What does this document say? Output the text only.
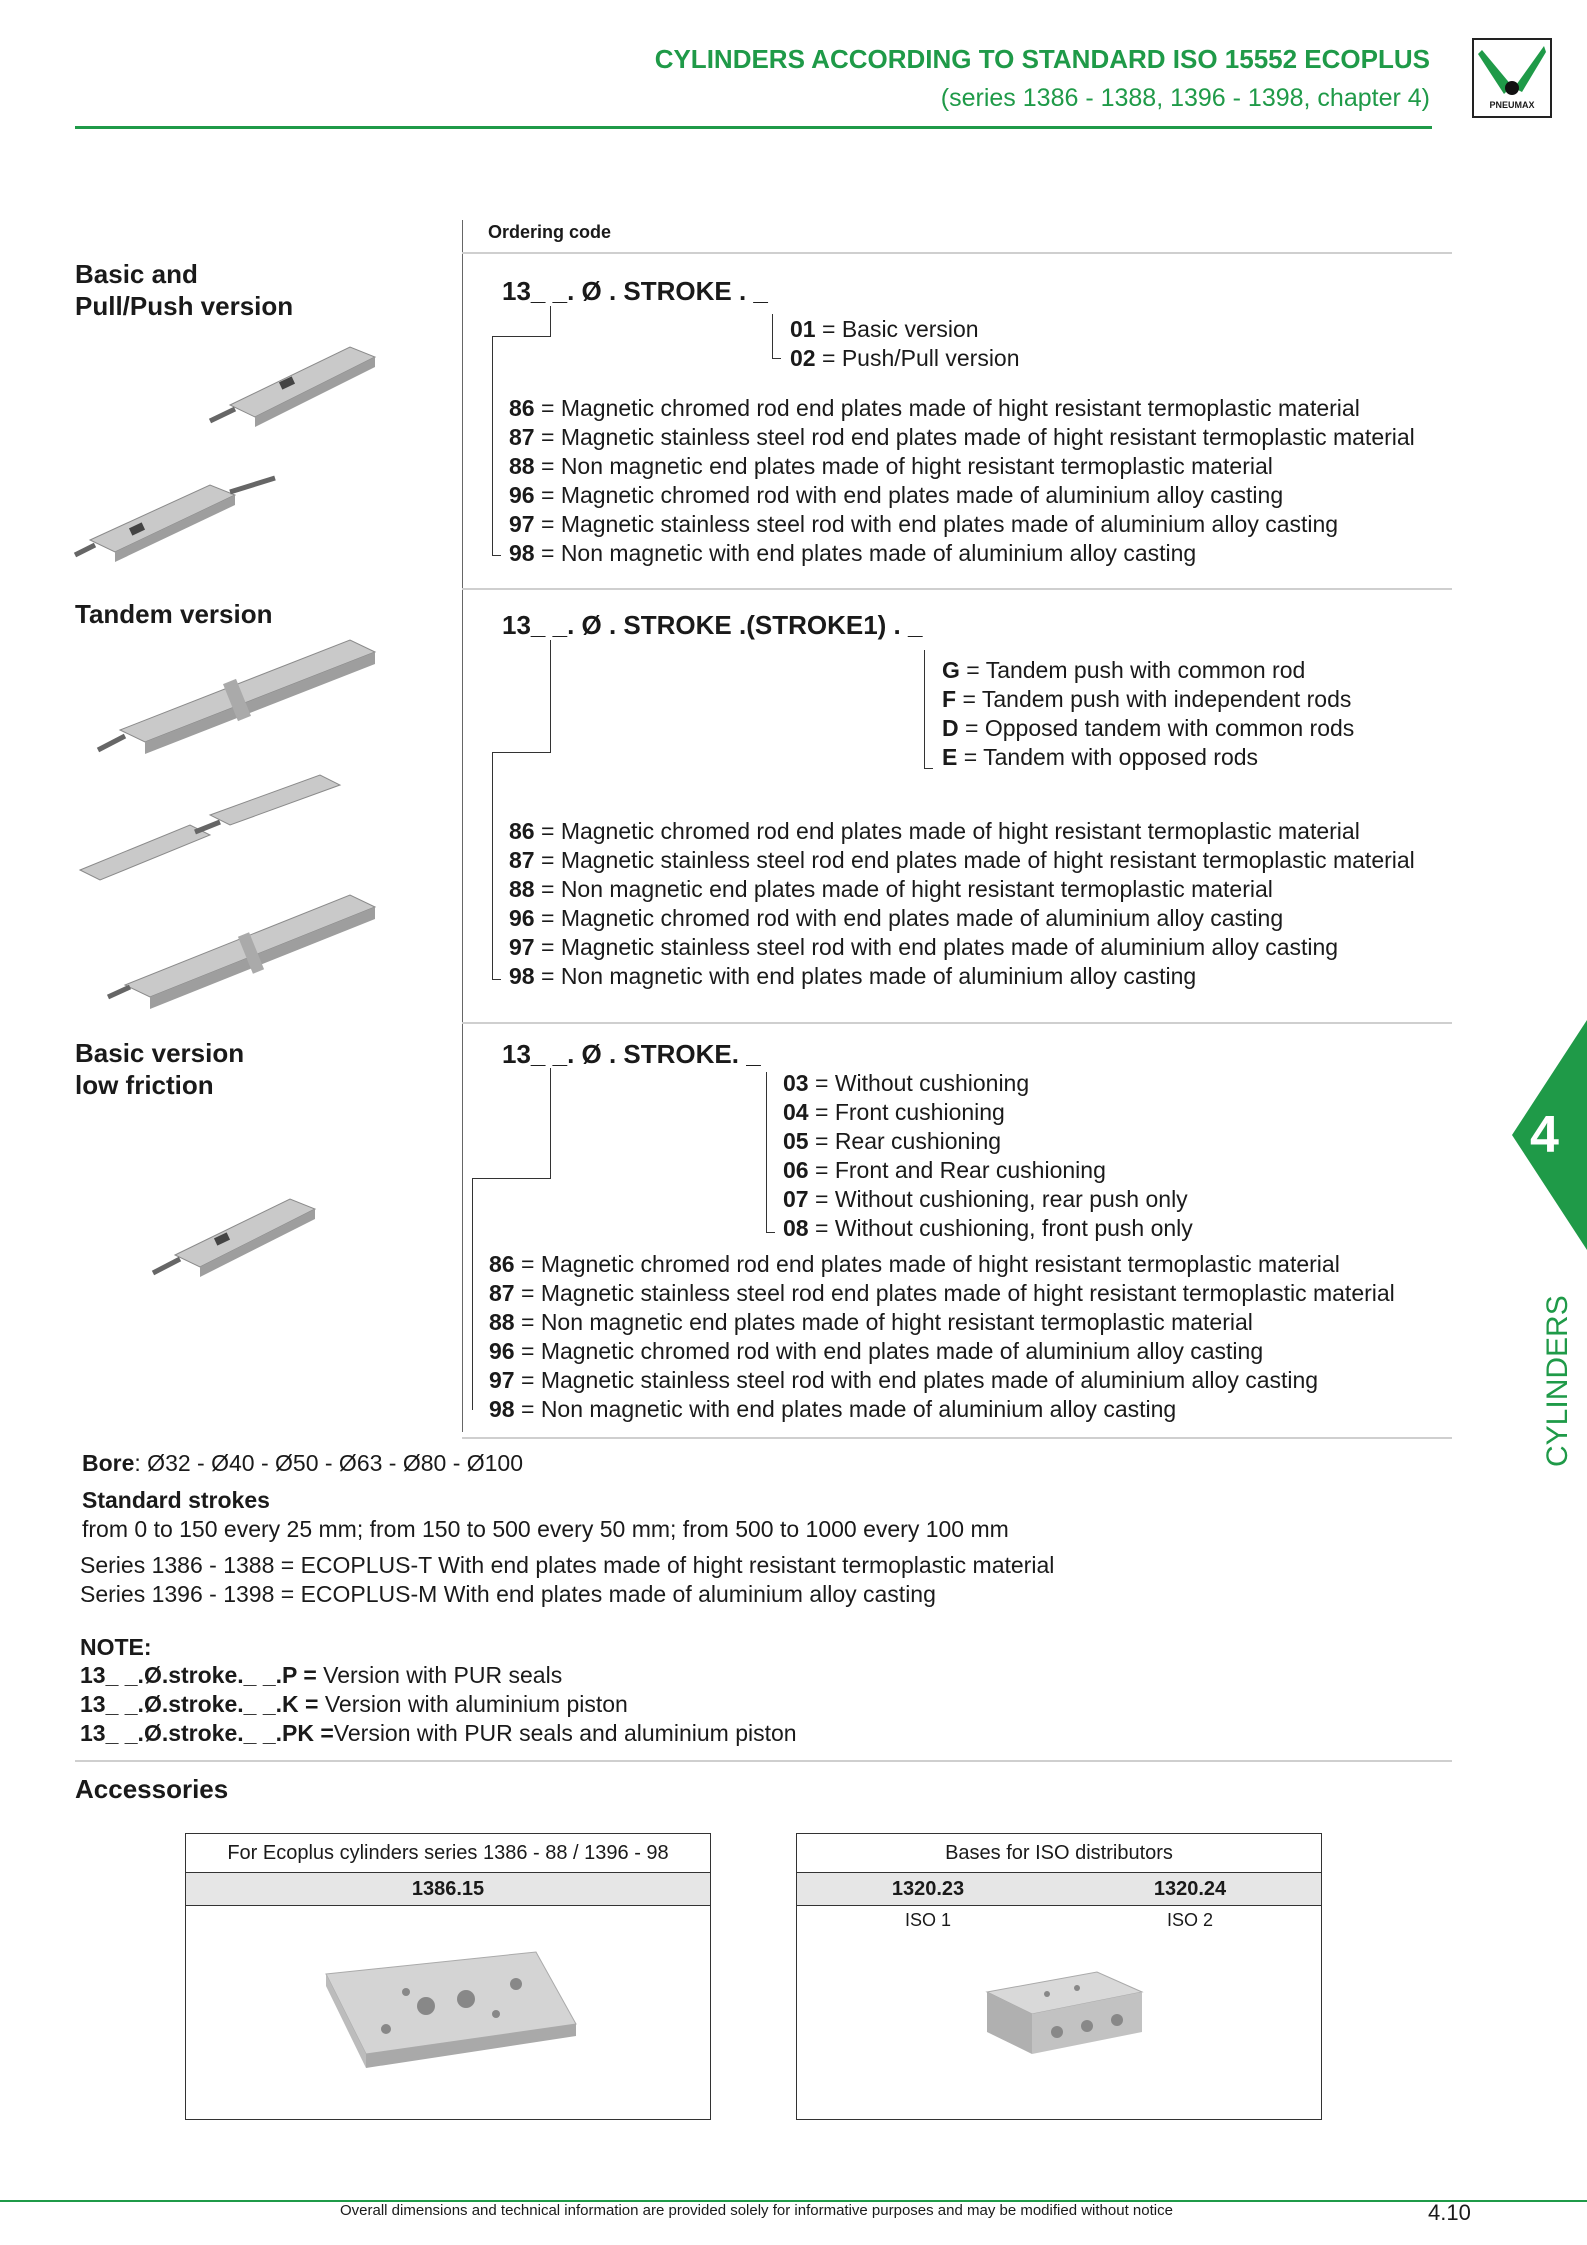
CYLINDERS ACCORDING TO STANDARD ISO 15552 ECOPLUS
(series 1386 - 1388, 1396 - 1398, chapter 4)	PNEUMAX
Ordering code
Basic and
Pull/Push version	13_ _. Ø . STROKE . _
01 = Basic version
02 = Push/Pull version
86 = Magnetic chromed rod end plates made of hight resistant termoplastic material
87 = Magnetic stainless steel rod end plates made of hight resistant termoplastic material
88 = Non magnetic end plates made of hight resistant termoplastic material
96 = Magnetic chromed rod with end plates made of aluminium alloy casting
97 = Magnetic stainless steel rod with end plates made of aluminium alloy casting
98 = Non magnetic with end plates made of aluminium alloy casting
Tandem version	13_ _. Ø . STROKE .(STROKE1) . _
G = Tandem push with common rod
F = Tandem push with independent rods
D = Opposed tandem with common rods
E = Tandem with opposed rods
86 = Magnetic chromed rod end plates made of hight resistant termoplastic material
87 = Magnetic stainless steel rod end plates made of hight resistant termoplastic material
88 = Non magnetic end plates made of hight resistant termoplastic material
96 = Magnetic chromed rod with end plates made of aluminium alloy casting
97 = Magnetic stainless steel rod with end plates made of aluminium alloy casting
98 = Non magnetic with end plates made of aluminium alloy casting
Basic version
low friction
13_ _. Ø . STROKE. _
03 = Without cushioning
04 = Front cushioning
05 = Rear cushioning
06 = Front and Rear cushioning
07 = Without cushioning, rear push only
08 = Without cushioning, front push only
86 = Magnetic chromed rod end plates made of hight resistant termoplastic material
87 = Magnetic stainless steel rod end plates made of hight resistant termoplastic material
88 = Non magnetic end plates made of hight resistant termoplastic material
96 = Magnetic chromed rod with end plates made of aluminium alloy casting
97 = Magnetic stainless steel rod with end plates made of aluminium alloy casting
98 = Non magnetic with end plates made of aluminium alloy casting
Bore: Ø32 - Ø40 - Ø50 - Ø63 - Ø80 - Ø100
Standard strokes
from 0 to 150 every 25 mm; from 150 to 500 every 50 mm; from 500 to 1000 every 100 mm
Series 1386 - 1388 = ECOPLUS-T With end plates made of hight resistant termoplastic material
Series 1396 - 1398 = ECOPLUS-M With end plates made of aluminium alloy casting
NOTE:
13_ _.Ø.stroke._ _.P = Version with PUR seals
13_ _.Ø.stroke._ _.K = Version with aluminium piston
13_ _.Ø.stroke._ _.PK =Version with PUR seals and aluminium piston
Accessories
For Ecoplus cylinders series 1386 - 88 / 1396 - 98
1386.15
Bases for ISO distributors
1320.23	1320.24
ISO 1	ISO 2
4
CYLINDERS
Overall dimensions and technical information are provided solely for informative purposes and may be modified without notice	4.10
